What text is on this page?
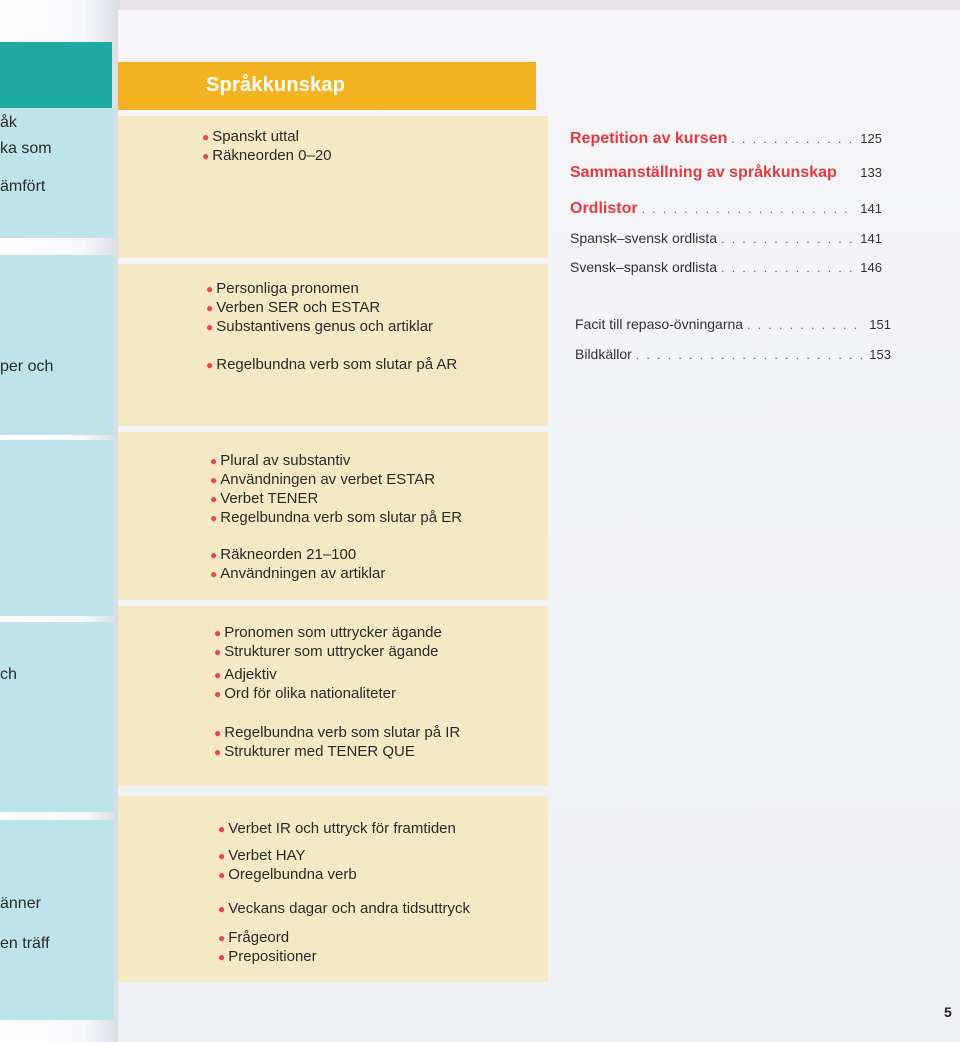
åk
ka som
ämfört
per och
ch
änner
en träff
Språkkunskap
● Spanskt uttal
● Räkneorden 0–20
● Personliga pronomen
● Verben SER och ESTAR
● Substantivens genus och artiklar
● Regelbundna verb som slutar på AR
● Plural av substantiv
● Användningen av verbet ESTAR
● Verbet TENER
● Regelbundna verb som slutar på ER
● Räkneorden 21–100
● Användningen av artiklar
● Pronomen som uttrycker ägande
● Strukturer som uttrycker ägande
● Adjektiv
● Ord för olika nationaliteter
● Regelbundna verb som slutar på IR
● Strukturer med TENER QUE
● Verbet IR och uttryck för framtiden
● Verbet HAY
● Oregelbundna verb
● Veckans dagar och andra tidsuttryck
● Frågeord
● Prepositioner
Repetition av kursen . . .	125
Sammanställning av språkkunskap 133
Ordlistor . . .	141
Spansk–svensk ordlista . . .	141
Svensk–spansk ordlista . . .	146
Facit till repaso-övningarna . . .	151
Bildkällor . . .	153
5
